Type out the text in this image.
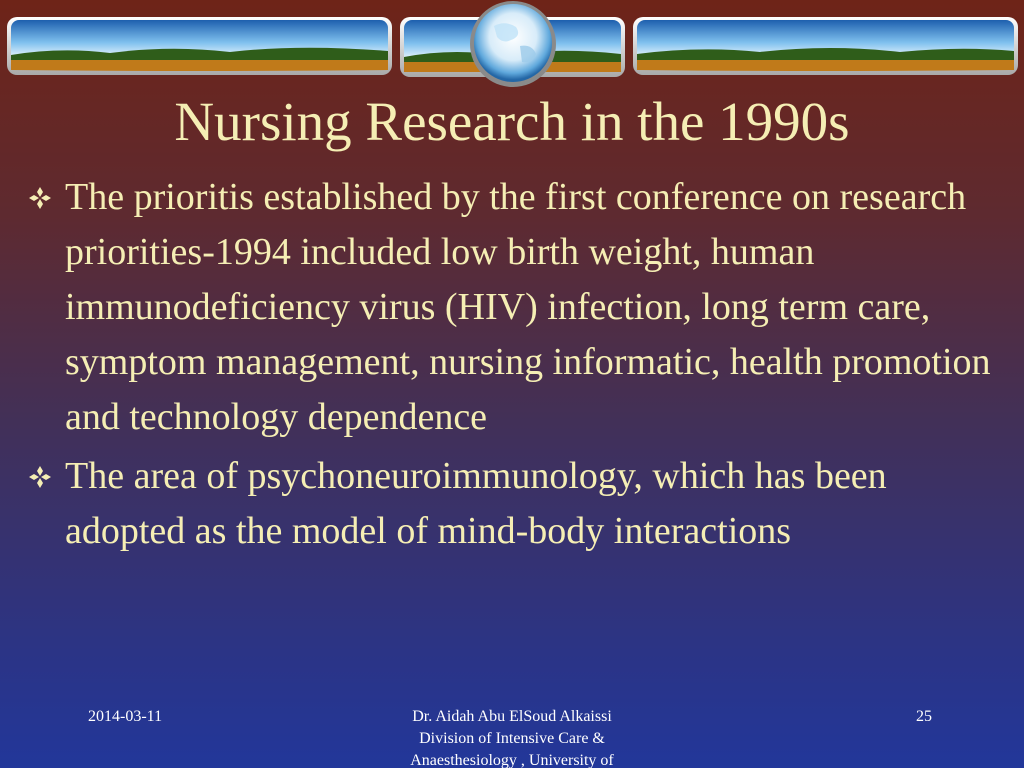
Nursing Research in the 1990s
The prioritis established by the first conference on research priorities-1994 included low birth weight, human immunodeficiency virus (HIV) infection, long term care, symptom management, nursing informatic, health promotion and technology dependence
The area of psychoneuroimmunology, which has been adopted as the model of mind-body interactions
2014-03-11	Dr. Aidah Abu ElSoud Alkaissi
Division of Intensive Care &
Anaesthesiology , University of
25
